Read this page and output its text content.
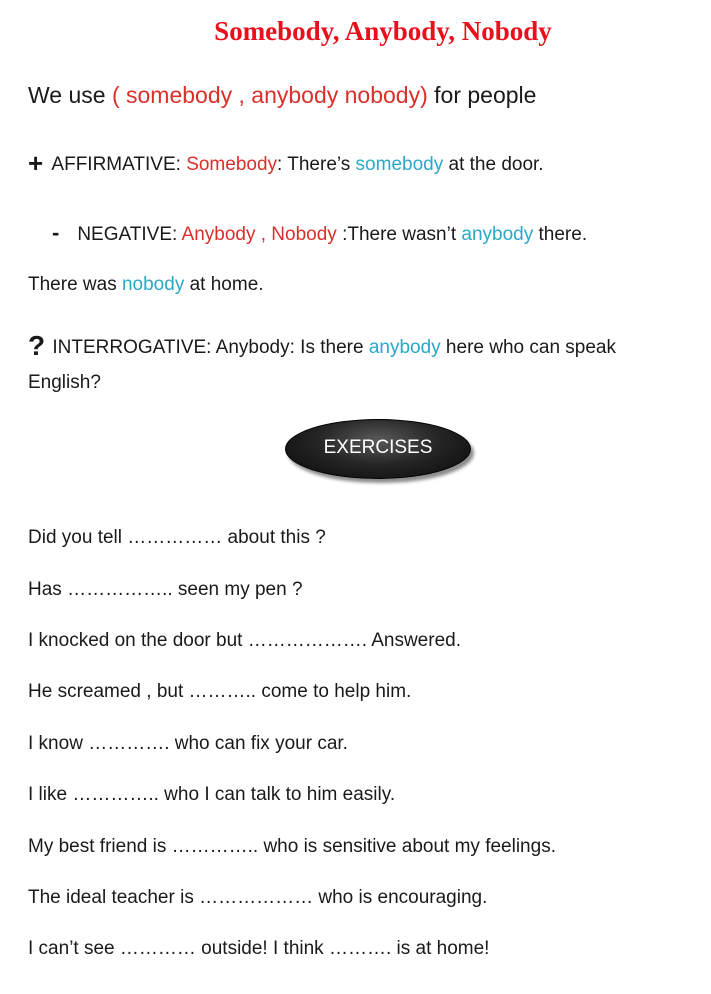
Somebody, Anybody, Nobody
We use ( somebody , anybody nobody) for people
+ AFFIRMATIVE: Somebody: There’s somebody at the door.
- NEGATIVE: Anybody , Nobody :There wasn’t anybody there.
There was nobody at home.
? INTERROGATIVE: Anybody: Is there anybody here who can speak
English?
EXERCISES
Did you tell …………… about this ?
Has …………….. seen my pen ?
I knocked on the door but ………………. Answered.
He screamed , but ……….. come to help him.
I know …………. who can fix your car.
I like ………….. who I can talk to him easily.
My best friend is ………….. who is sensitive about my feelings.
The ideal teacher is ……………… who is encouraging.
I can’t see ………… outside! I think ………. is at home!
